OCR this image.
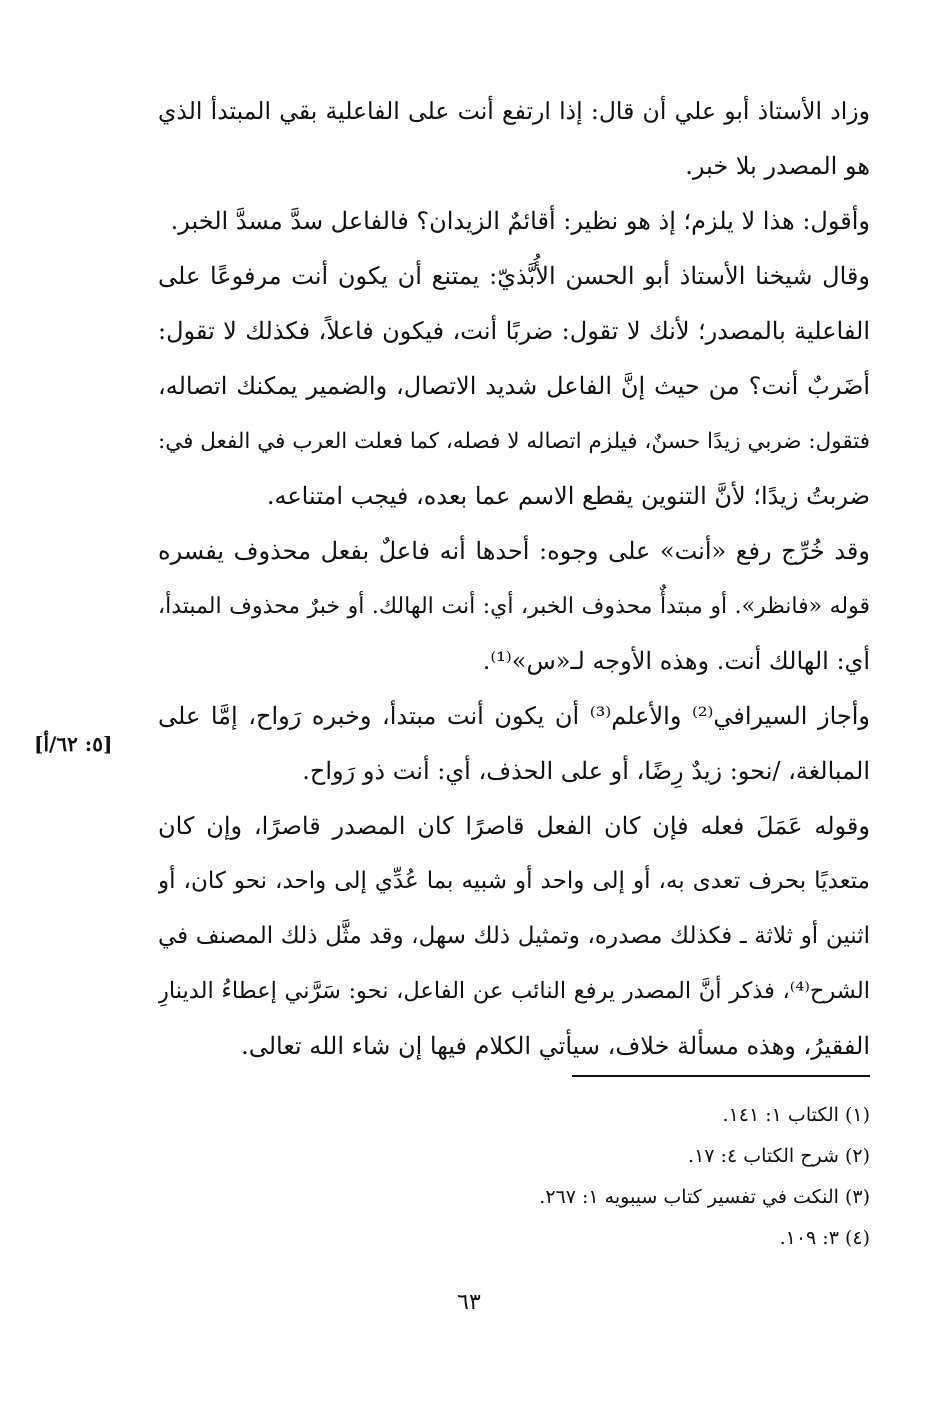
وزاد الأستاذ أبو علي أن قال: إذا ارتفع أنت على الفاعلية بقي المبتدأ الذي
هو المصدر بلا خبر.
وأقول: هذا لا يلزم؛ إذ هو نظير: أقائمٌ الزيدان؟ فالفاعل سدَّ مسدَّ الخبر.
وقال شيخنا الأستاذ أبو الحسن الأُبَّذيّ: يمتنع أن يكون أنت مرفوعًا على
الفاعلية بالمصدر؛ لأنك لا تقول: ضربًا أنت، فيكون فاعلاً، فكذلك لا تقول:
أضَربٌ أنت؟ من حيث إنَّ الفاعل شديد الاتصال، والضمير يمكنك اتصاله،
فتقول: ضربي زيدًا حسنٌ، فيلزم اتصاله لا فصله، كما فعلت العرب في الفعل في:
ضربتُ زيدًا؛ لأنَّ التنوين يقطع الاسم عما بعده، فيجب امتناعه.
وقد خُرِّج رفع «أنت» على وجوه: أحدها أنه فاعلٌ بفعل محذوف يفسره
قوله «فانظر». أو مبتدأٌ محذوف الخبر، أي: أنت الهالك. أو خبرٌ محذوف المبتدأ،
أي: الهالك أنت. وهذه الأوجه لـ«س»⁽¹⁾.
وأجاز السيرافي⁽²⁾ والأعلم⁽³⁾ أن يكون أنت مبتدأ، وخبره رَواح، إمَّا على
المبالغة، /نحو: زيدٌ رِضًا، أو على الحذف، أي: أنت ذو رَواح.
وقوله عَمَلَ فعله فإن كان الفعل قاصرًا كان المصدر قاصرًا، وإن كان
متعديًا بحرف تعدى به، أو إلى واحد أو شبيه بما عُدِّي إلى واحد، نحو كان، أو
اثنين أو ثلاثة ـ فكذلك مصدره، وتمثيل ذلك سهل، وقد مثَّل ذلك المصنف في
الشرح⁽⁴⁾، فذكر أنَّ المصدر يرفع النائب عن الفاعل، نحو: سَرَّني إعطاءُ الدينارِ
الفقيرُ، وهذه مسألة خلاف، سيأتي الكلام فيها إن شاء الله تعالى.
[٥: ٦٢/أ]
(١) الكتاب ١: ١٤١.
(٢) شرح الكتاب ٤: ١٧.
(٣) النكت في تفسير كتاب سيبويه ١: ٢٦٧.
(٤) ٣: ١٠٩.
٦٣
